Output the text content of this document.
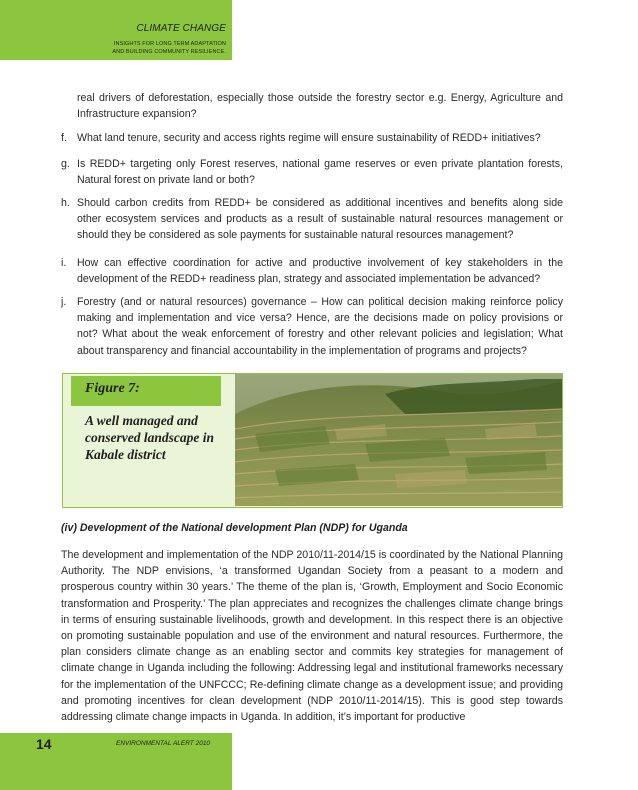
CLIMATE CHANGE
INSIGHTS FOR LONG TERM ADAPTATION
AND BUILDING COMMUNITY RESILIENCE.
real drivers of deforestation, especially those outside the forestry sector e.g. Energy, Agriculture and Infrastructure expansion?
f. What land tenure, security and access rights regime will ensure sustainability of REDD+ initiatives?
g. Is REDD+ targeting only Forest reserves, national game reserves or even private plantation forests, Natural forest on private land or both?
h. Should carbon credits from REDD+ be considered as additional incentives and benefits along side other ecosystem services and products as a result of sustainable natural resources management or should they be considered as sole payments for sustainable natural resources management?
i. How can effective coordination for active and productive involvement of key stakeholders in the development of the REDD+ readiness plan, strategy and associated implementation be advanced?
j. Forestry (and or natural resources) governance – How can political decision making reinforce policy making and implementation and vice versa? Hence, are the decisions made on policy provisions or not? What about the weak enforcement of forestry and other relevant policies and legislation; What about transparency and financial accountability in the implementation of programs and projects?
Figure 7:
A well managed and conserved landscape in Kabale district
(iv) Development of the National development Plan (NDP) for Uganda
The development and implementation of the NDP 2010/11-2014/15 is coordinated by the National Planning Authority. The NDP envisions, ‘a transformed Ugandan Society from a peasant to a modern and prosperous country within 30 years.’ The theme of the plan is, ‘Growth, Employment and Socio Economic transformation and Prosperity.’ The plan appreciates and recognizes the challenges climate change brings in terms of ensuring sustainable livelihoods, growth and development. In this respect there is an objective on promoting sustainable population and use of the environment and natural resources. Furthermore, the plan considers climate change as an enabling sector and commits key strategies for management of climate change in Uganda including the following: Addressing legal and institutional frameworks necessary for the implementation of the UNFCCC; Re-defining climate change as a development issue; and providing and promoting incentives for clean development (NDP 2010/11-2014/15). This is good step towards addressing climate change impacts in Uganda. In addition, it’s important for productive
14	ENVIRONMENTAL ALERT 2010
